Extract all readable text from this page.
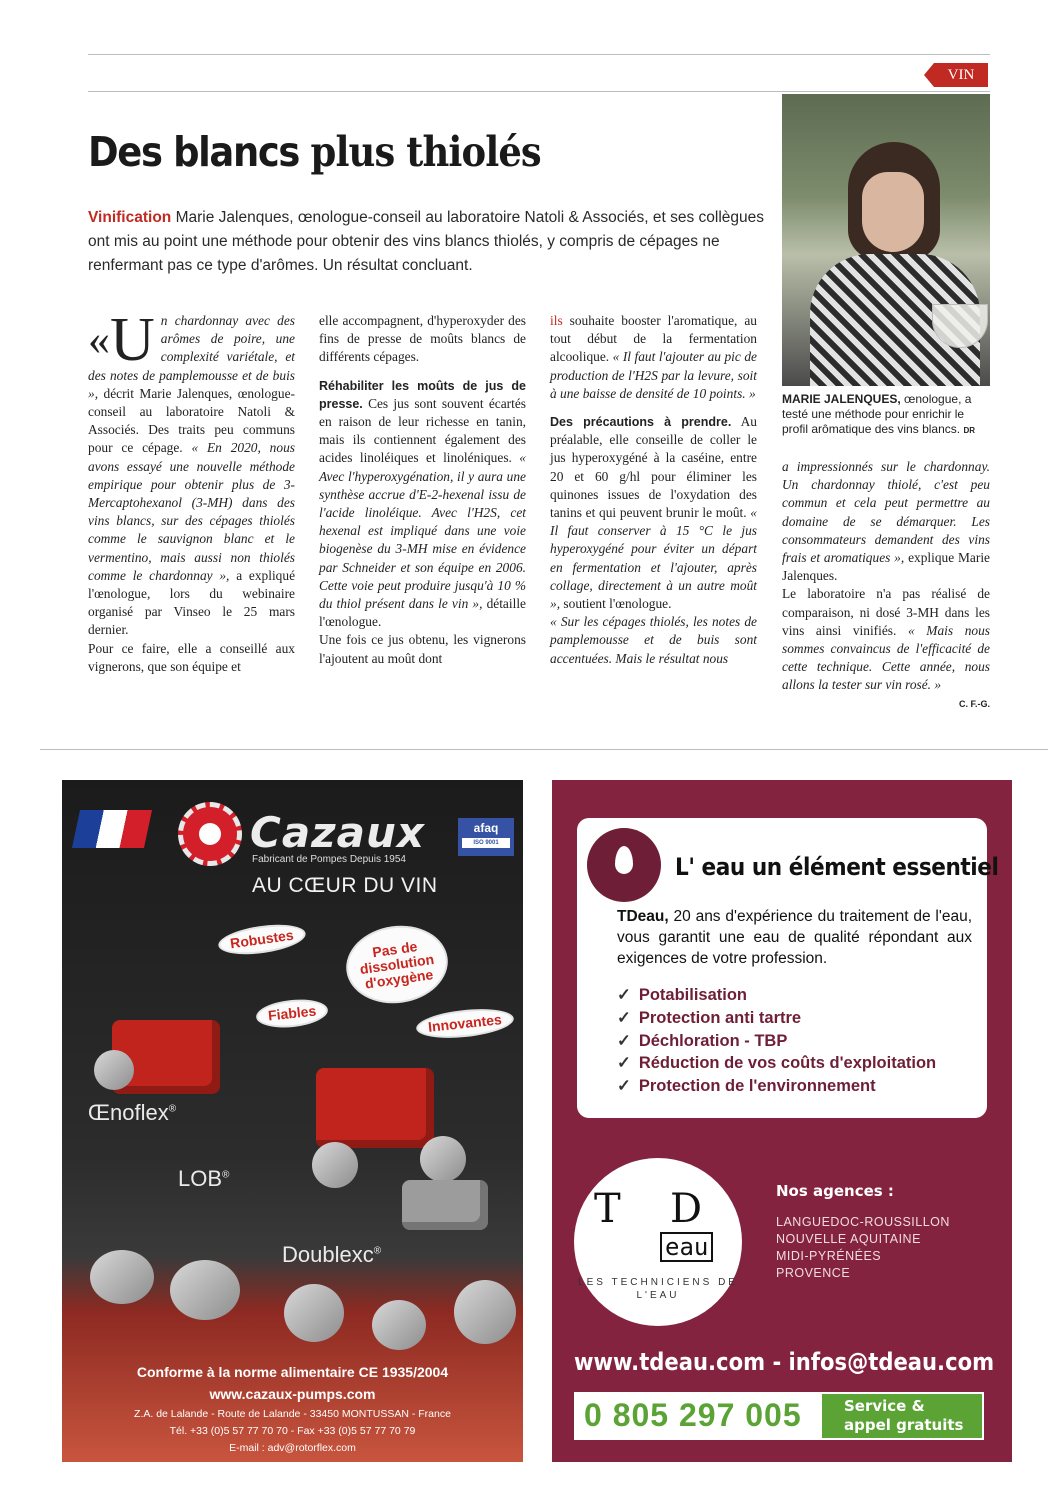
VIN
Des blancs plus thiolés

Vinification Marie Jalenques, œnologue-conseil au laboratoire Natoli & Associés, et ses collègues ont mis au point une méthode pour obtenir des vins blancs thiolés, y compris de cépages ne renfermant pas ce type d'arômes. Un résultat concluant.

MARIE JALENQUES, œnologue, a testé une méthode pour enrichir le profil arômatique des vins blancs. DR

«U n chardonnay avec des arômes de poire, une complexité variétale, et des notes de pamplemousse et de buis », décrit Marie Jalenques, œnologue-conseil au laboratoire Natoli & Associés. Des traits peu communs pour ce cépage. « En 2020, nous avons essayé une nouvelle méthode empirique pour obtenir plus de 3-Mercaptohexanol (3-MH) dans des vins blancs, sur des cépages thiolés comme le sauvignon blanc et le vermentino, mais aussi non thiolés comme le chardonnay », a expliqué l'œnologue, lors du webinaire organisé par Vinseo le 25 mars dernier.

Pour ce faire, elle a conseillé aux vignerons, que son équipe et

elle accompagnent, d'hyperoxyder des fins de presse de moûts blancs de différents cépages.

Réhabiliter les moûts de jus de presse. Ces jus sont souvent écartés en raison de leur richesse en tanin, mais ils contiennent également des acides linoléiques et linoléniques. « Avec l'hyperoxygénation, il y aura une synthèse accrue d'E-2-hexenal issu de l'acide linoléique. Avec l'H2S, cet hexenal est impliqué dans une voie biogenèse du 3-MH mise en évidence par Schneider et son équipe en 2006. Cette voie peut produire jusqu'à 10 % du thiol présent dans le vin », détaille l'œnologue.

Une fois ce jus obtenu, les vignerons l'ajoutent au moût dont

ils souhaite booster l'aromatique, au tout début de la fermentation alcoolique. « Il faut l'ajouter au pic de production de l'H2S par la levure, soit à une baisse de densité de 10 points. »

Des précautions à prendre. Au préalable, elle conseille de coller le jus hyperoxygéné à la caséine, entre 20 et 60 g/hl pour éliminer les quinones issues de l'oxydation des tanins et qui peuvent brunir le moût. « Il faut conserver à 15 °C le jus hyperoxygéné pour éviter un départ en fermentation et l'ajouter, après collage, directement à un autre moût », soutient l'œnologue.

« Sur les cépages thiolés, les notes de pamplemousse et de buis sont accentuées. Mais le résultat nous

a impressionnés sur le chardonnay. Un chardonnay thiolé, c'est peu commun et cela peut permettre au domaine de se démarquer. Les consommateurs demandent des vins frais et aromatiques », explique Marie Jalenques.

Le laboratoire n'a pas réalisé de comparaison, ni dosé 3-MH dans les vins ainsi vinifiés. « Mais nous sommes convaincus de l'efficacité de cette technique. Cette année, nous allons la tester sur vin rosé. »

C. F.-G.

Cazaux	afaq
ISO 9001
Fabricant de Pompes Depuis 1954
AU CŒUR DU VIN
Robustes	Pas de dissolution d'oxygène
Fiables	Innovantes
Œnoflex®
LOB®
Doublexc®
Conforme à la norme alimentaire CE 1935/2004
www.cazaux-pumps.com
Z.A. de Lalande - Route de Lalande - 33450 MONTUSSAN - France
Tél. +33 (0)5 57 77 70 70 - Fax +33 (0)5 57 77 70 79
E-mail : adv@rotorflex.com
L' eau un élément essentiel

TDeau, 20 ans d'expérience du traitement de l'eau, vous garantit une eau de qualité répondant aux exigences de votre profession.

✓ Potabilisation
✓ Protection anti tartre
✓ Déchloration - TBP
✓ Réduction de vos coûts d'exploitation
✓ Protection de l'environnement
T D
eau
LES TECHNICIENS DE L'EAU
Nos agences :
LANGUEDOC-ROUSSILLON
NOUVELLE AQUITAINE
MIDI-PYRÉNÉES
PROVENCE
www.tdeau.com - infos@tdeau.com
0 805 297 005	Service & appel gratuits
